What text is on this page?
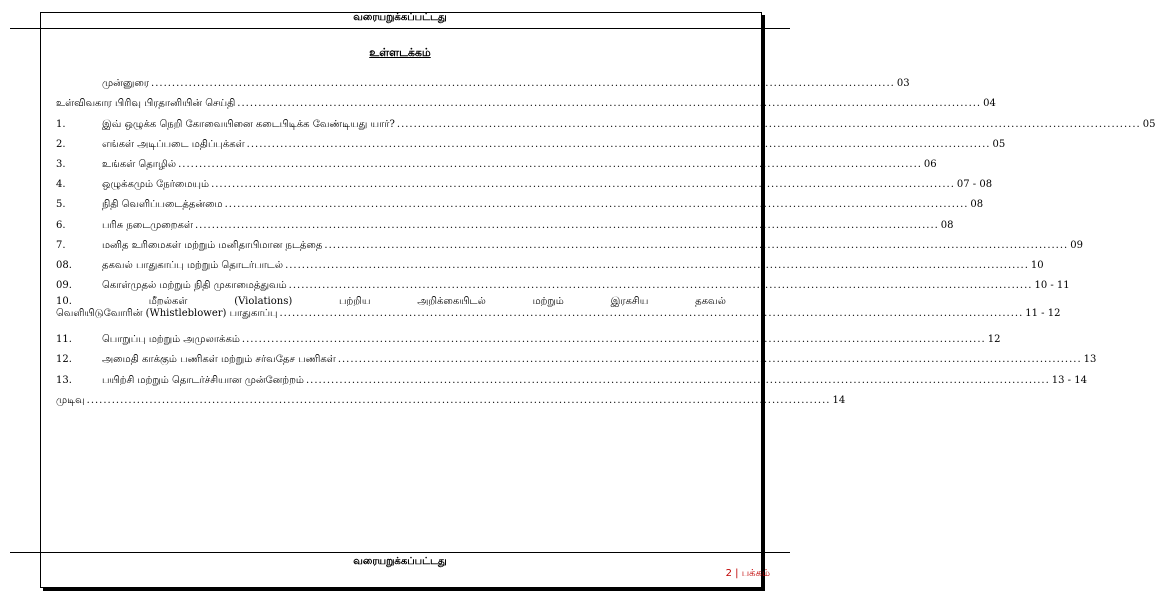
வரையறுக்கப்பட்டது
உள்ளடக்கம்
முன்னுரை .................................................................................................................................................................................. 03
உள்விவகார பிரிவு பிரதானியின் செய்தி .................................................................................................................................................................................. 04
1.	இவ் ஒழுக்க நெறி கோவையினை கடைபிடிக்க வேண்டியது யார்? .................................................................................................................................................................................. 05
2.	எங்கள் அடிப்படை மதிப்புக்கள் .................................................................................................................................................................................. 05
3.	உங்கள் தொழில் .................................................................................................................................................................................. 06
4.	ஒழுக்கமும் நேர்மையும் .................................................................................................................................................................................. 07 - 08
5.	நிதி வெளிப்படைத்தன்மை .................................................................................................................................................................................. 08
6.	பரிசு நடைமுறைகள் .................................................................................................................................................................................. 08
7.	மனித உரிமைகள் மற்றும் மனிதாபிமான நடத்தை .................................................................................................................................................................................. 09
08.	தகவல் பாதுகாப்பு மற்றும் தொடர்பாடல் .................................................................................................................................................................................. 10
09.	கொள்முதல் மற்றும் நிதி முகாமைத்துவம் .................................................................................................................................................................................. 10 - 11
10.	மீறல்கள்	(Violations)	பற்றிய	அறிக்கையிடல்	மற்றும்	இரகசிய	தகவல்
வெளியிடுவோரின் (Whistleblower) பாதுகாப்பு .................................................................................................................................................................................. 11 - 12
11.	பொறுப்பு மற்றும் அமுலாக்கம் .................................................................................................................................................................................. 12
12.	அமைதி காக்கும் பணிகள் மற்றும் சர்வதேச பணிகள் .................................................................................................................................................................................. 13
13.	பயிற்சி மற்றும் தொடர்ச்சியான முன்னேற்றம் .................................................................................................................................................................................. 13 - 14
முடிவு .................................................................................................................................................................................. 14
வரையறுக்கப்பட்டது
2 | பக்கம்
